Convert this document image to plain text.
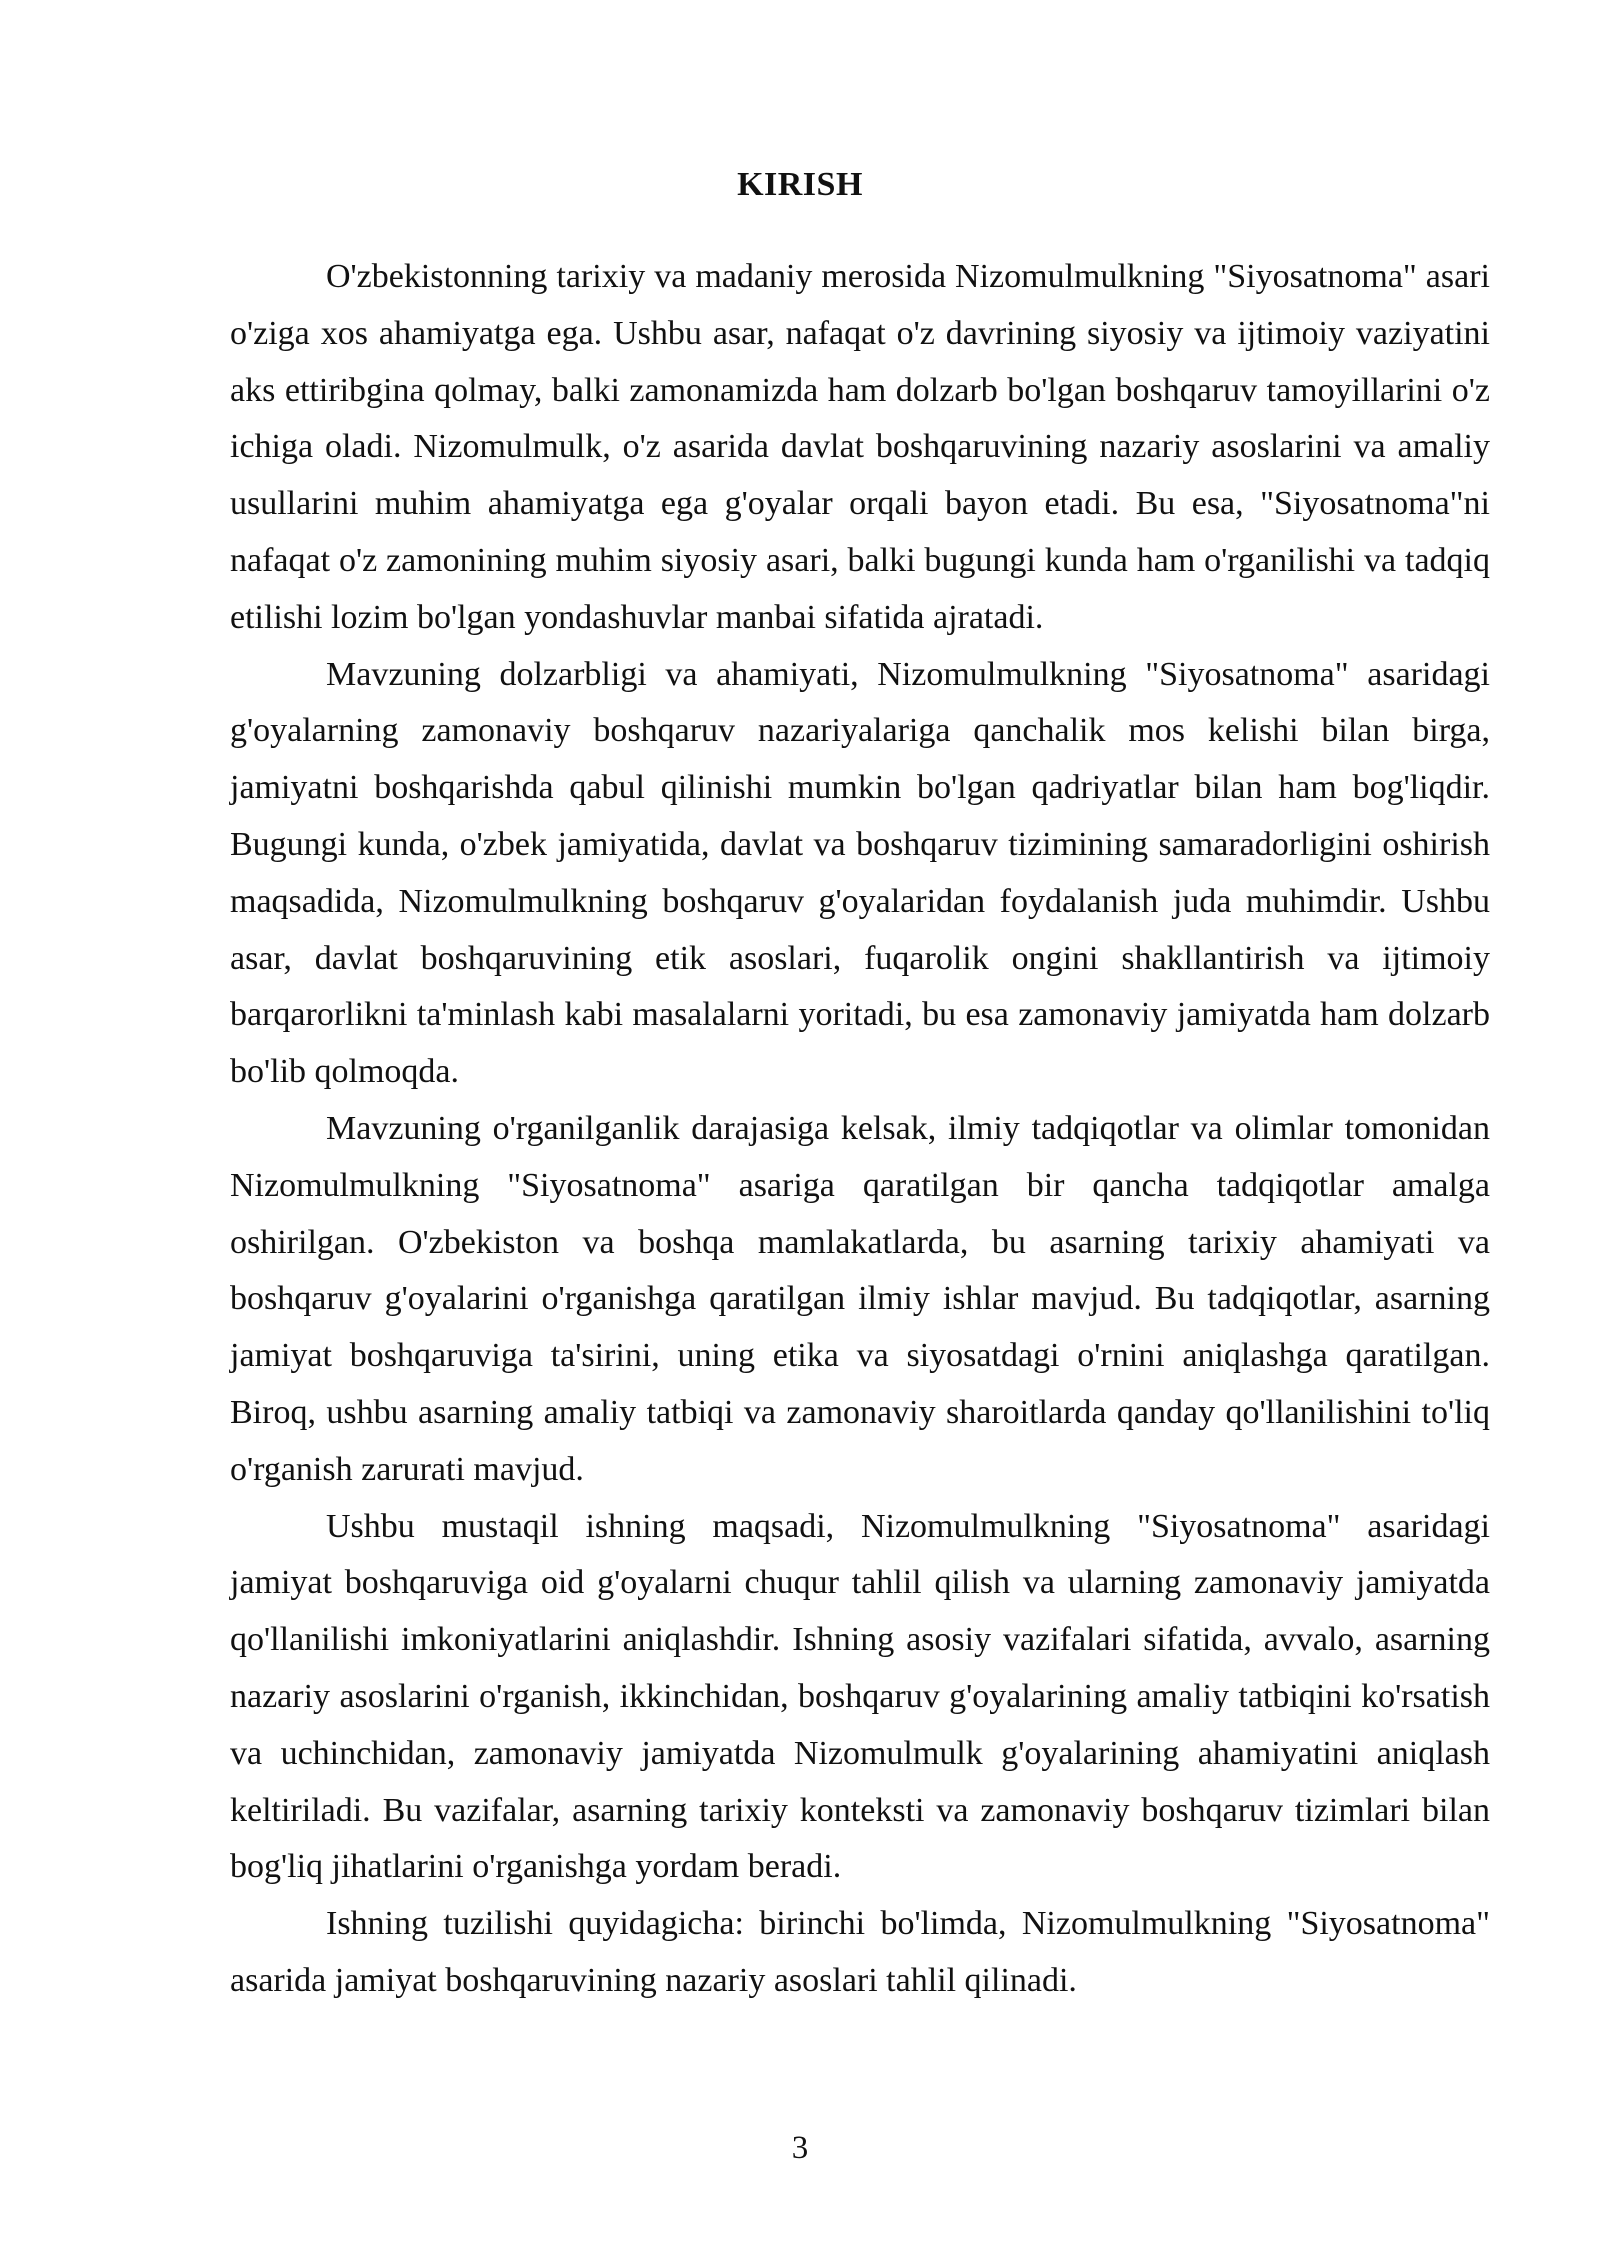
KIRISH

O'zbekistonning tarixiy va madaniy merosida Nizomulmulkning "Siyosatnoma" asari o'ziga xos ahamiyatga ega. Ushbu asar, nafaqat o'z davrining siyosiy va ijtimoiy vaziyatini aks ettiribgina qolmay, balki zamonamizda ham dolzarb bo'lgan boshqaruv tamoyillarini o'z ichiga oladi. Nizomulmulk, o'z asarida davlat boshqaruvining nazariy asoslarini va amaliy usullarini muhim ahamiyatga ega g'oyalar orqali bayon etadi. Bu esa, "Siyosatnoma"ni nafaqat o'z zamonining muhim siyosiy asari, balki bugungi kunda ham o'rganilishi va tadqiq etilishi lozim bo'lgan yondashuvlar manbai sifatida ajratadi.

Mavzuning dolzarbligi va ahamiyati, Nizomulmulkning "Siyosatnoma" asaridagi g'oyalarning zamonaviy boshqaruv nazariyalariga qanchalik mos kelishi bilan birga, jamiyatni boshqarishda qabul qilinishi mumkin bo'lgan qadriyatlar bilan ham bog'liqdir. Bugungi kunda, o'zbek jamiyatida, davlat va boshqaruv tizimining samaradorligini oshirish maqsadida, Nizomulmulkning boshqaruv g'oyalaridan foydalanish juda muhimdir. Ushbu asar, davlat boshqaruvining etik asoslari, fuqarolik ongini shakllantirish va ijtimoiy barqarorlikni ta'minlash kabi masalalarni yoritadi, bu esa zamonaviy jamiyatda ham dolzarb bo'lib qolmoqda.

Mavzuning o'rganilganlik darajasiga kelsak, ilmiy tadqiqotlar va olimlar tomonidan Nizomulmulkning "Siyosatnoma" asariga qaratilgan bir qancha tadqiqotlar amalga oshirilgan. O'zbekiston va boshqa mamlakatlarda, bu asarning tarixiy ahamiyati va boshqaruv g'oyalarini o'rganishga qaratilgan ilmiy ishlar mavjud. Bu tadqiqotlar, asarning jamiyat boshqaruviga ta'sirini, uning etika va siyosatdagi o'rnini aniqlashga qaratilgan. Biroq, ushbu asarning amaliy tatbiqi va zamonaviy sharoitlarda qanday qo'llanilishini to'liq o'rganish zarurati mavjud.

Ushbu mustaqil ishning maqsadi, Nizomulmulkning "Siyosatnoma" asaridagi jamiyat boshqaruviga oid g'oyalarni chuqur tahlil qilish va ularning zamonaviy jamiyatda qo'llanilishi imkoniyatlarini aniqlashdir. Ishning asosiy vazifalari sifatida, avvalo, asarning nazariy asoslarini o'rganish, ikkinchidan, boshqaruv g'oyalarining amaliy tatbiqini ko'rsatish va uchinchidan, zamonaviy jamiyatda Nizomulmulk g'oyalarining ahamiyatini aniqlash keltiriladi. Bu vazifalar, asarning tarixiy konteksti va zamonaviy boshqaruv tizimlari bilan bog'liq jihatlarini o'rganishga yordam beradi.

Ishning tuzilishi quyidagicha: birinchi bo'limda, Nizomulmulkning "Siyosatnoma" asarida jamiyat boshqaruvining nazariy asoslari tahlil qilinadi.

3
